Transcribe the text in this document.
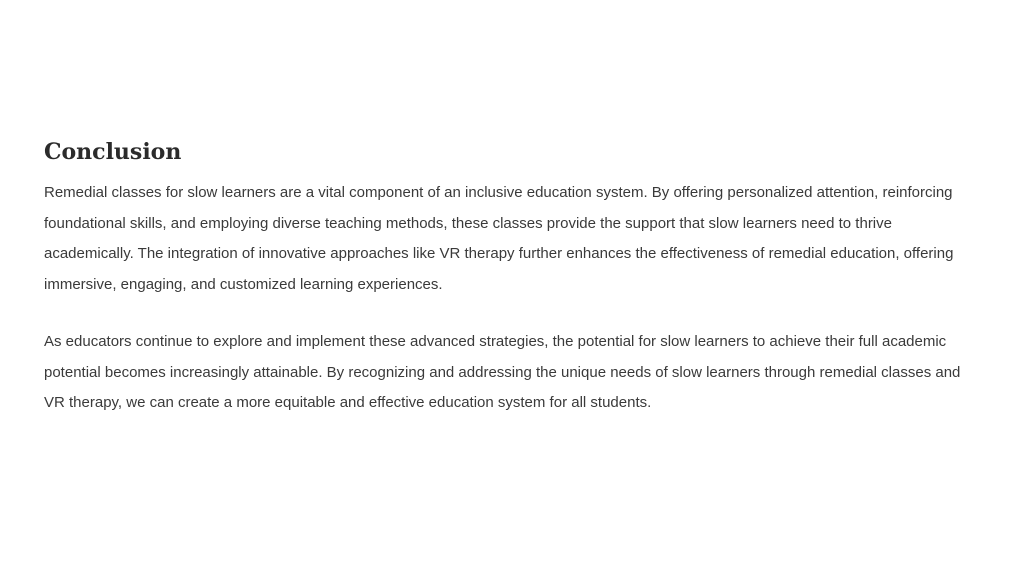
Conclusion

Remedial classes for slow learners are a vital component of an inclusive education system. By offering personalized attention, reinforcing foundational skills, and employing diverse teaching methods, these classes provide the support that slow learners need to thrive academically. The integration of innovative approaches like VR therapy further enhances the effectiveness of remedial education, offering immersive, engaging, and customized learning experiences.

As educators continue to explore and implement these advanced strategies, the potential for slow learners to achieve their full academic potential becomes increasingly attainable. By recognizing and addressing the unique needs of slow learners through remedial classes and VR therapy, we can create a more equitable and effective education system for all students.
